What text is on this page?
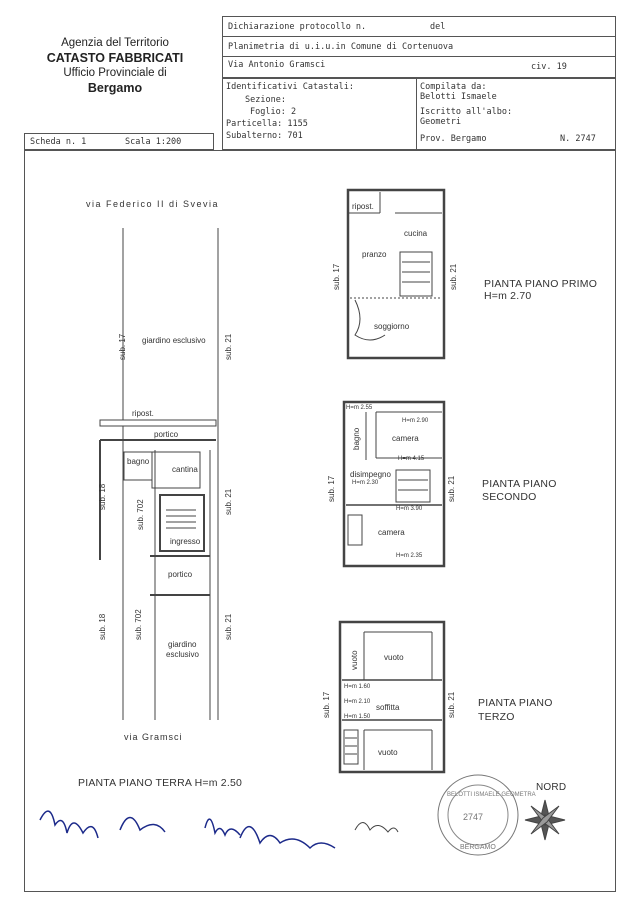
Agenzia del Territorio
CATASTO FABBRICATI
Ufficio Provinciale di
Bergamo
Dichiarazione protocollo n.	del
Planimetria di u.i.u.in Comune di Cortenuova
Via Antonio Gramsci	civ. 19
Identificativi Catastali:
Sezione:
Foglio: 2
Particella: 1155
Subalterno: 701
Compilata da:
Belotti Ismaele
Iscritto all'albo:
Geometri
Prov. Bergamo	N. 2747
Scheda n. 1	Scala 1:200
via Federico II di Svevia
sub. 17	sub. 21
giardino esclusivo
ripost.
portico
bagno
cantina
sub. 18
sub. 702	sub. 21
ingresso
portico
sub. 18	sub. 702	sub. 21
giardino
esclusivo
via Gramsci
PIANTA PIANO TERRA H=m 2.50
ripost.
cucina
pranzo
soggiorno
sub. 17	sub. 21 PIANTA PIANO PRIMO
H=m 2.70
H=m 2.55
H=m 2.90
bagno	camera
H=m 4.15
disimpegno
H=m 2.30
H=m 3.90
camera
H=m 2.35
sub. 17	sub. 21 PIANTA PIANO
SECONDO
vuoto	vuoto
H=m 1.60
H=m 2.10
soffitta
H=m 1.50
vuoto
sub. 17	sub. 21 PIANTA PIANO
TERZO
NORD
BELOTTI ISMAELE GEOMETRA
2747
BERGAMO
